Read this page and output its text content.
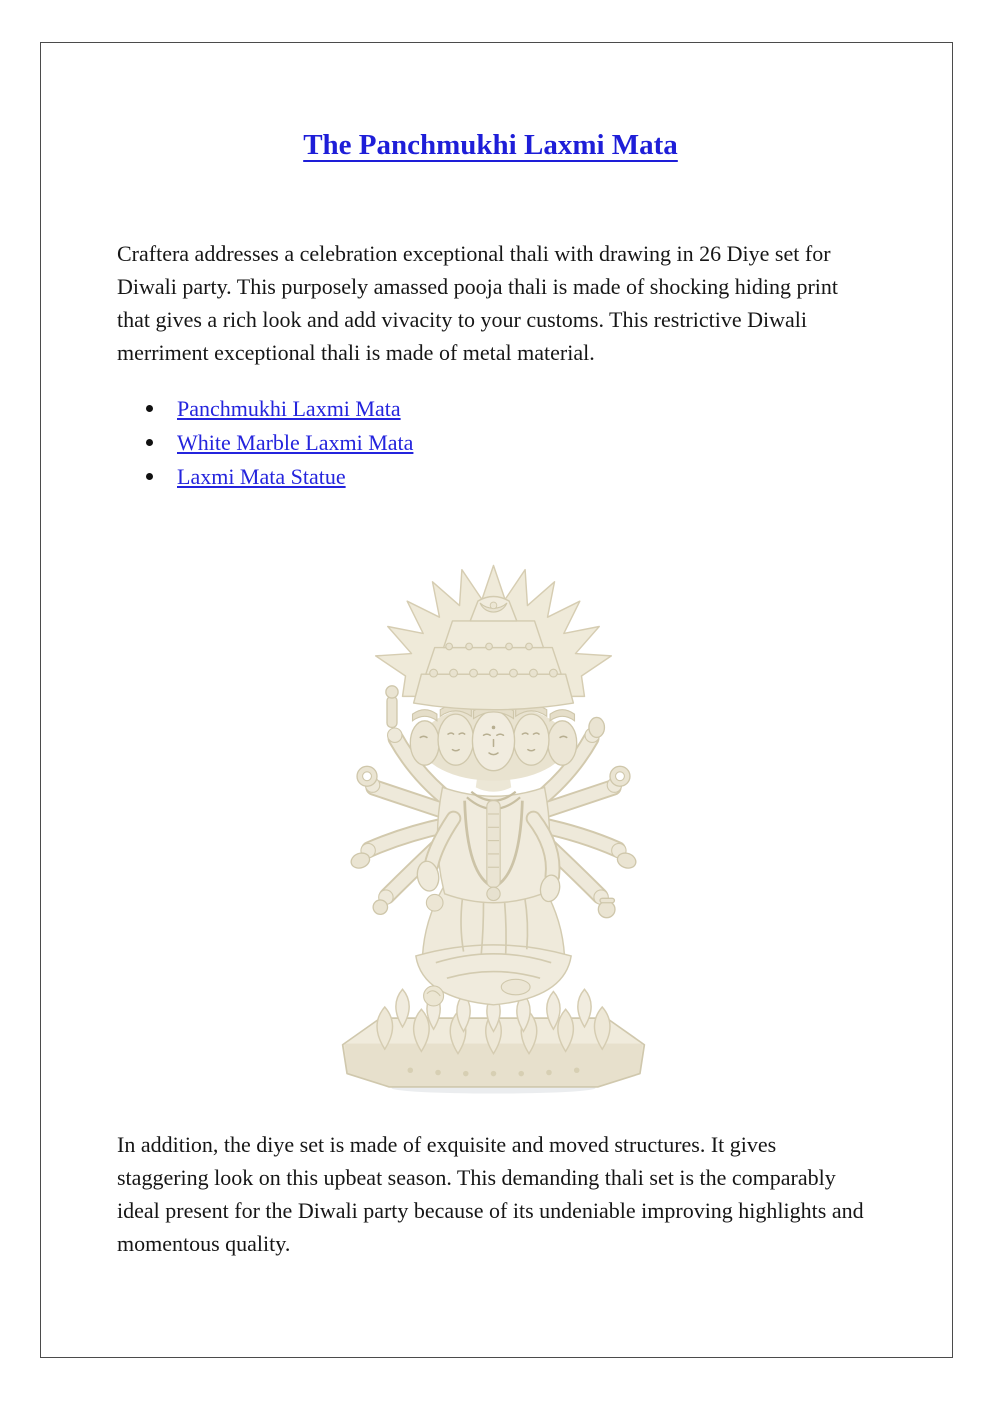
The Panchmukhi Laxmi Mata

Craftera addresses a celebration exceptional thali with drawing in 26 Diye set for Diwali party. This purposely amassed pooja thali is made of shocking hiding print that gives a rich look and add vivacity to your customs. This restrictive Diwali merriment exceptional thali is made of metal material.

Panchmukhi Laxmi Mata
White Marble Laxmi Mata
Laxmi Mata Statue

In addition, the diye set is made of exquisite and moved structures. It gives staggering look on this upbeat season. This demanding thali set is the comparably ideal present for the Diwali party because of its undeniable improving highlights and momentous quality.
